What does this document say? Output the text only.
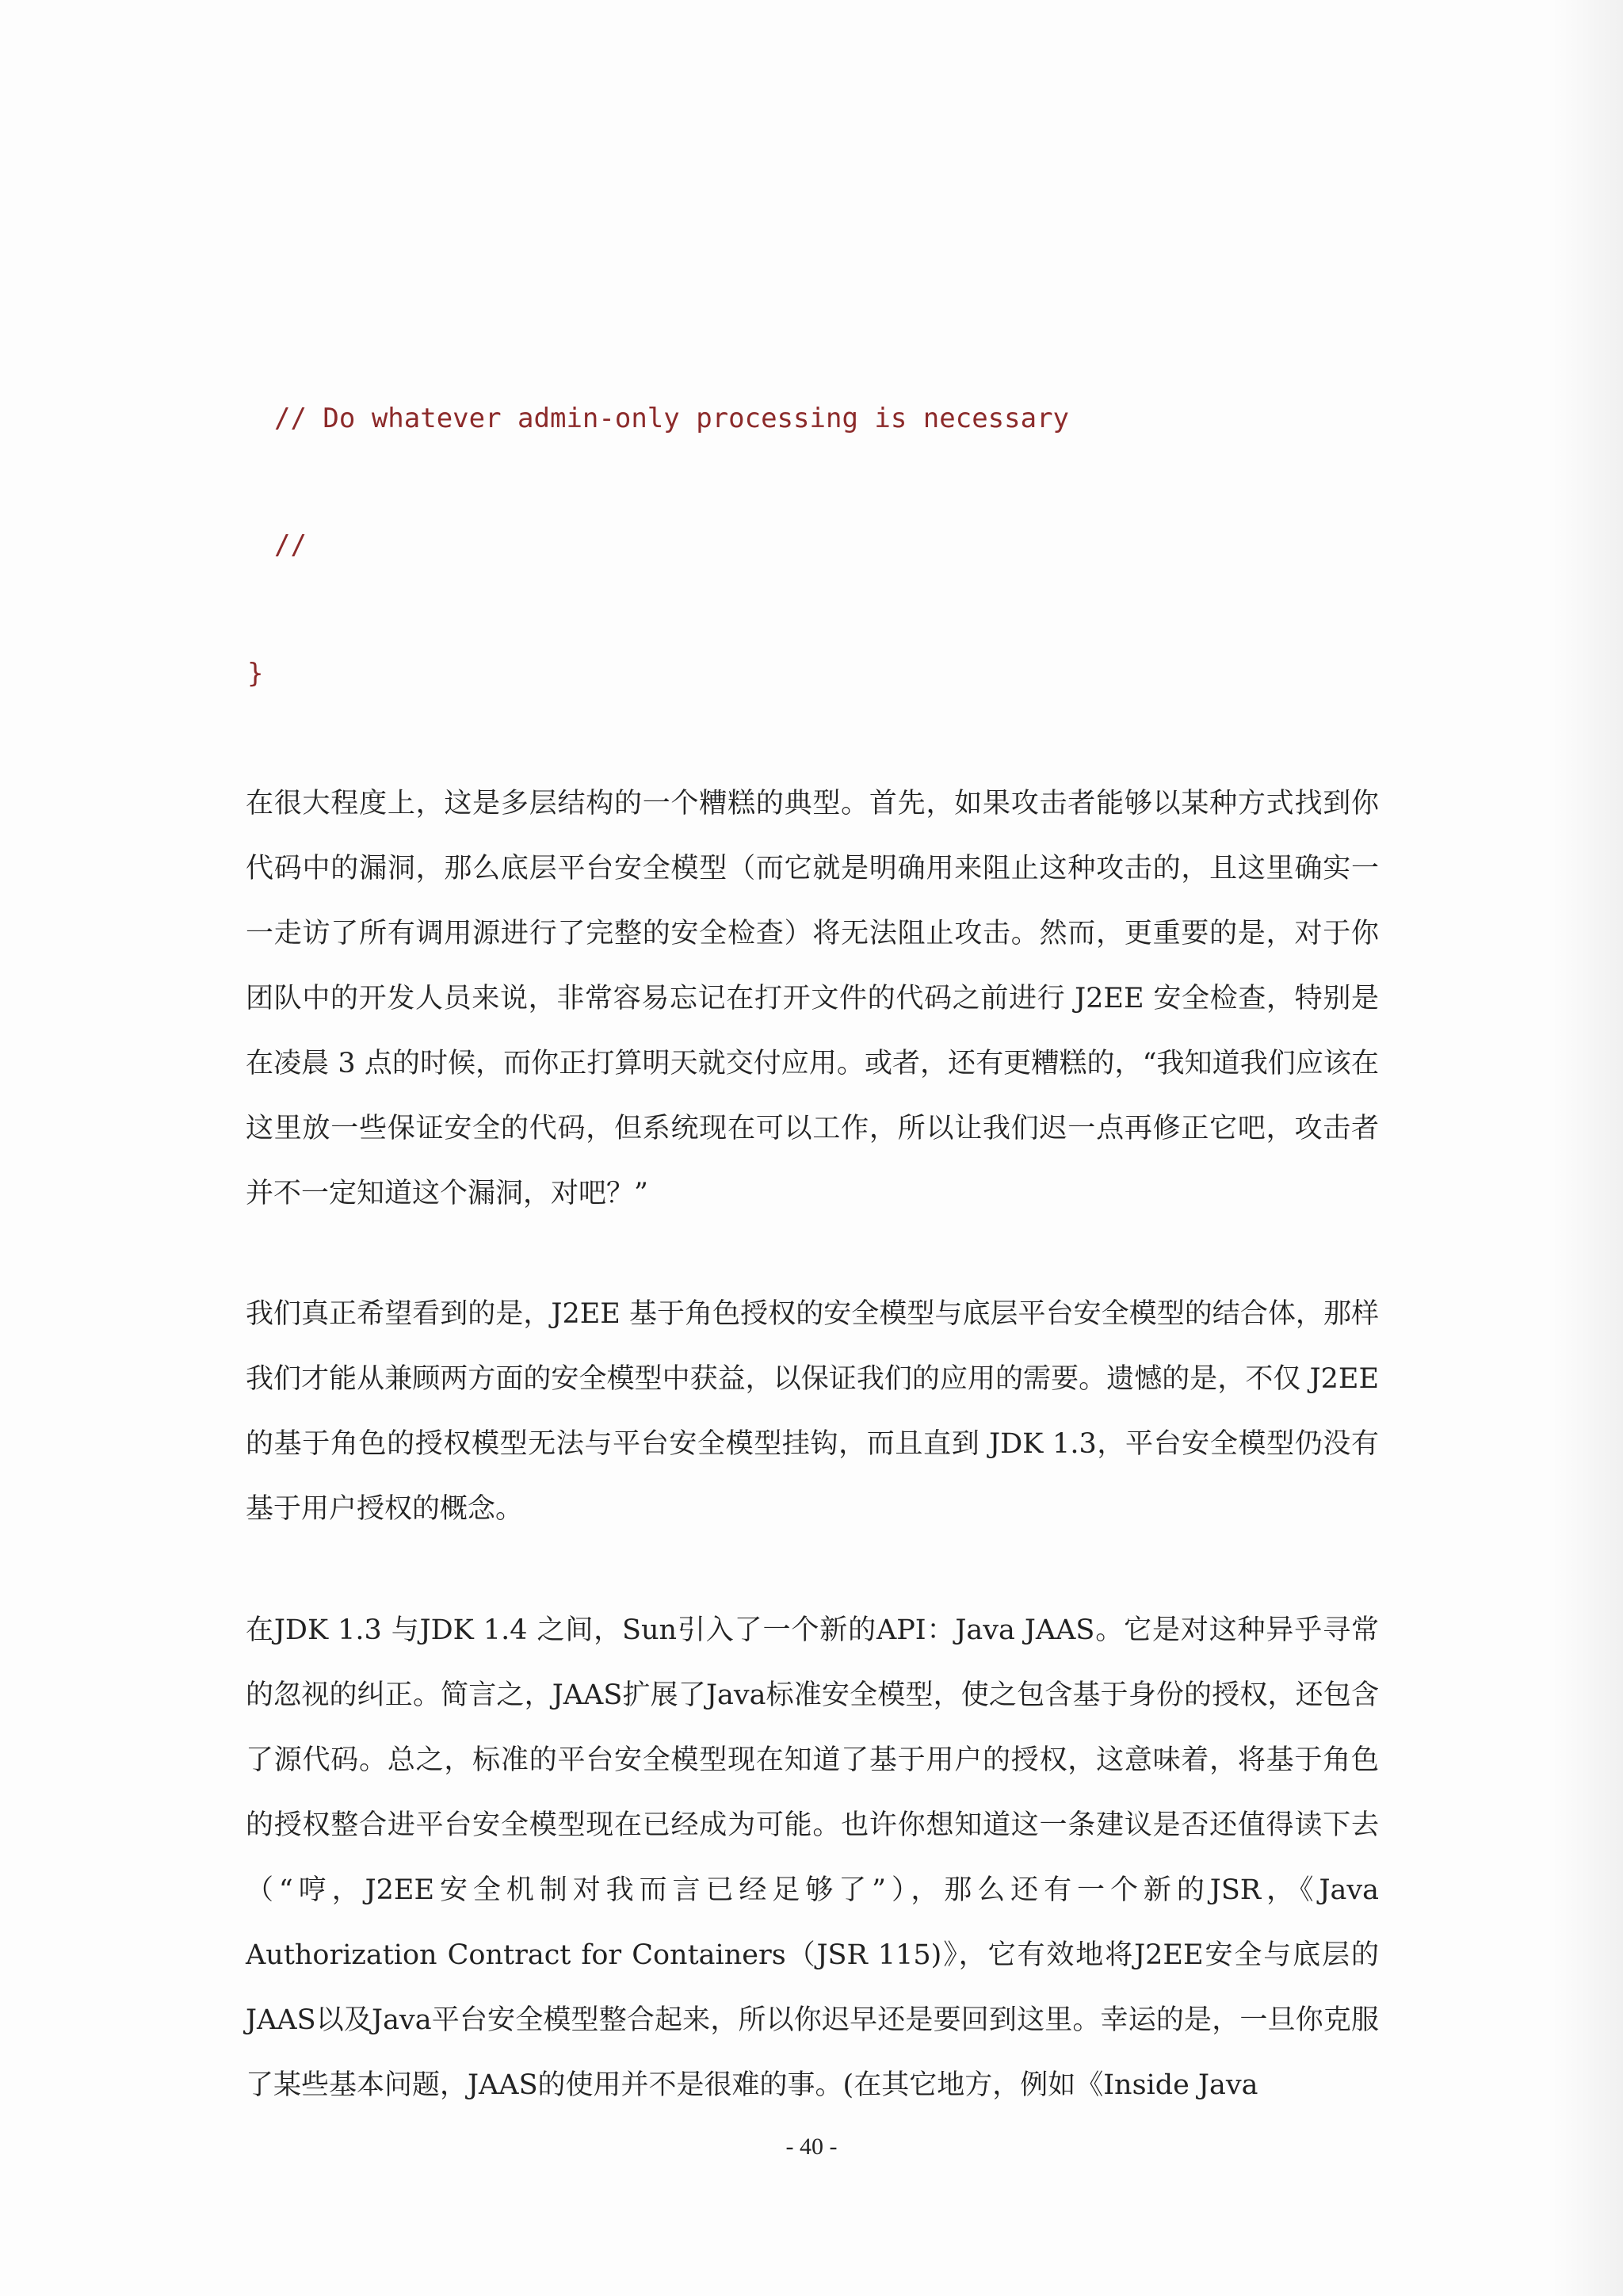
// Do whatever admin-only processing is necessary
//
}

在很大程度上，这是多层结构的一个糟糕的典型。首先，如果攻击者能够以某种方式找到你代码中的漏洞，那么底层平台安全模型（而它就是明确用来阻止这种攻击的，且这里确实一一走访了所有调用源进行了完整的安全检查）将无法阻止攻击。然而，更重要的是，对于你团队中的开发人员来说，非常容易忘记在打开文件的代码之前进行 J2EE 安全检查，特别是在凌晨 3 点的时候，而你正打算明天就交付应用。或者，还有更糟糕的，“我知道我们应该在这里放一些保证安全的代码，但系统现在可以工作，所以让我们迟一点再修正它吧，攻击者并不一定知道这个漏洞，对吧？”

我们真正希望看到的是，J2EE 基于角色授权的安全模型与底层平台安全模型的结合体，那样我们才能从兼顾两方面的安全模型中获益，以保证我们的应用的需要。遗憾的是，不仅 J2EE 的基于角色的授权模型无法与平台安全模型挂钩，而且直到 JDK 1.3，平台安全模型仍没有基于用户授权的概念。

在JDK 1.3 与JDK 1.4 之间，Sun引入了一个新的API：Java JAAS。它是对这种异乎寻常的忽视的纠正。简言之，JAAS扩展了Java标准安全模型，使之包含基于身份的授权，还包含了源代码。总之，标准的平台安全模型现在知道了基于用户的授权，这意味着，将基于角色的授权整合进平台安全模型现在已经成为可能。也许你想知道这一条建议是否还值得读下去（“哼，J2EE安全机制对我而言已经足够了”），那么还有一个新的JSR，《Java Authorization Contract for Containers（JSR 115)》，它有效地将J2EE安全与底层的JAAS以及Java平台安全模型整合起来，所以你迟早还是要回到这里。幸运的是，一旦你克服了某些基本问题，JAAS的使用并不是很难的事。(在其它地方，例如《Inside Java

- 40 -
